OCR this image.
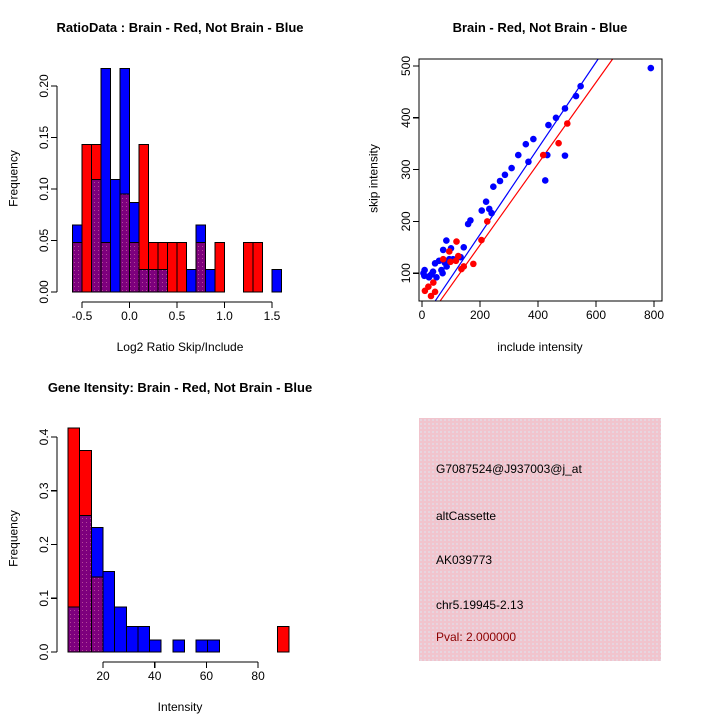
RatioData : Brain - Red, Not Brain - Blue
Frequency
-0.5 0.0	0.5	1.0	1.5
0.00
0.05
0.10
0.15
0.20
Log2 Ratio Skip/Include
Brain - Red, Not Brain - Blue
skip intensity
0	200	400	600	800
100
200
300
400
500
include intensity
Gene Itensity: Brain - Red, Not Brain - Blue
Frequency
20	40	60	80
0.0
0.1
0.2
0.3
0.4
Intensity
G7087524@J937003@j_at
altCassette
AK039773
chr5.19945-2.13
Pval: 2.000000
